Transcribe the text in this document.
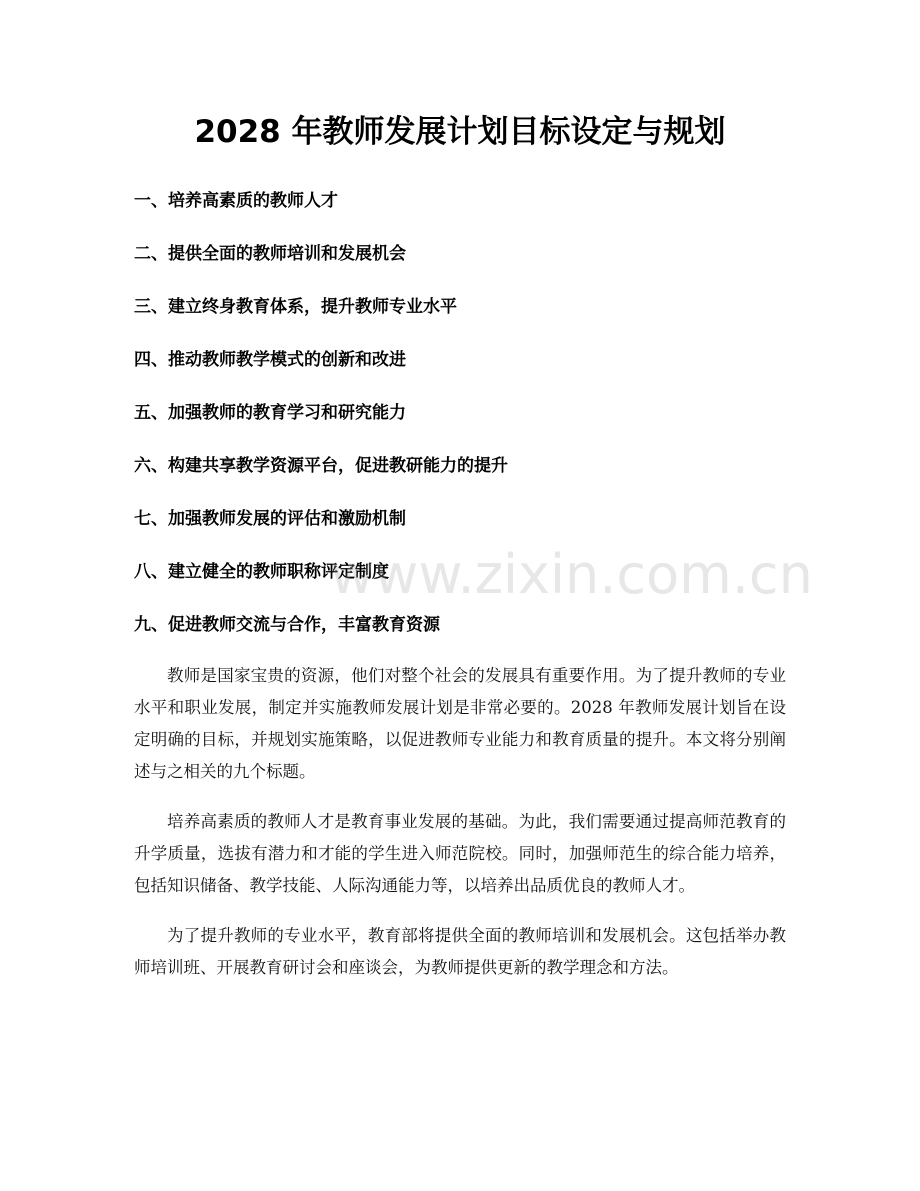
2028 年教师发展计划目标设定与规划
一、培养高素质的教师人才
二、提供全面的教师培训和发展机会
三、建立终身教育体系，提升教师专业水平
四、推动教师教学模式的创新和改进
五、加强教师的教育学习和研究能力
六、构建共享教学资源平台，促进教研能力的提升
七、加强教师发展的评估和激励机制
八、建立健全的教师职称评定制度
九、促进教师交流与合作，丰富教育资源

教师是国家宝贵的资源，他们对整个社会的发展具有重要作用。为了提升教师的专业水平和职业发展，制定并实施教师发展计划是非常必要的。2028 年教师发展计划旨在设定明确的目标，并规划实施策略，以促进教师专业能力和教育质量的提升。本文将分别阐述与之相关的九个标题。

培养高素质的教师人才是教育事业发展的基础。为此，我们需要通过提高师范教育的升学质量，选拔有潜力和才能的学生进入师范院校。同时，加强师范生的综合能力培养，包括知识储备、教学技能、人际沟通能力等，以培养出品质优良的教师人才。

为了提升教师的专业水平，教育部将提供全面的教师培训和发展机会。这包括举办教师培训班、开展教育研讨会和座谈会，为教师提供更新的教学理念和方法。

www.zixin.com.cn
